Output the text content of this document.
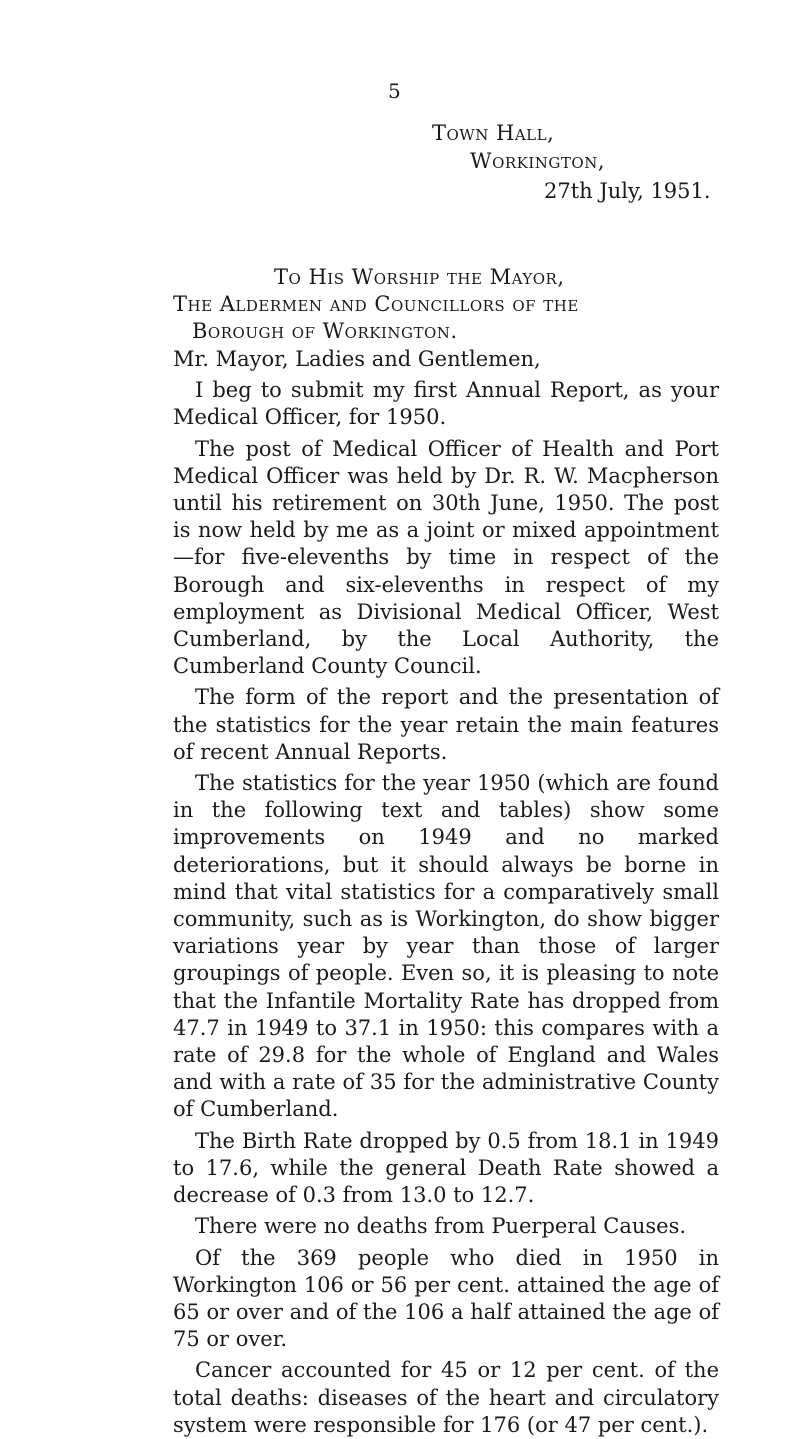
5
Town Hall,
Workington,
27th July, 1951.
To His Worship the Mayor,
The Aldermen and Councillors of the
Borough of Workington.

Mr. Mayor, Ladies and Gentlemen,

I beg to submit my first Annual Report, as your Medical Officer, for 1950.

The post of Medical Officer of Health and Port Medical Officer was held by Dr. R. W. Macpherson until his retirement on 30th June, 1950. The post is now held by me as a joint or mixed appointment—for five-elevenths by time in respect of the Borough and six-elevenths in respect of my employment as Divisional Medical Officer, West Cumberland, by the Local Authority, the Cumberland County Council.

The form of the report and the presentation of the statistics for the year retain the main features of recent Annual Reports.

The statistics for the year 1950 (which are found in the following text and tables) show some improvements on 1949 and no marked deteriorations, but it should always be borne in mind that vital statistics for a comparatively small community, such as is Workington, do show bigger variations year by year than those of larger groupings of people. Even so, it is pleasing to note that the Infantile Mortality Rate has dropped from 47.7 in 1949 to 37.1 in 1950: this compares with a rate of 29.8 for the whole of England and Wales and with a rate of 35 for the administrative County of Cumberland.

The Birth Rate dropped by 0.5 from 18.1 in 1949 to 17.6, while the general Death Rate showed a decrease of 0.3 from 13.0 to 12.7.

There were no deaths from Puerperal Causes.

Of the 369 people who died in 1950 in Workington 106 or 56 per cent. attained the age of 65 or over and of the 106 a half attained the age of 75 or over.

Cancer accounted for 45 or 12 per cent. of the total deaths: diseases of the heart and circulatory system were responsible for 176 (or 47 per cent.).
